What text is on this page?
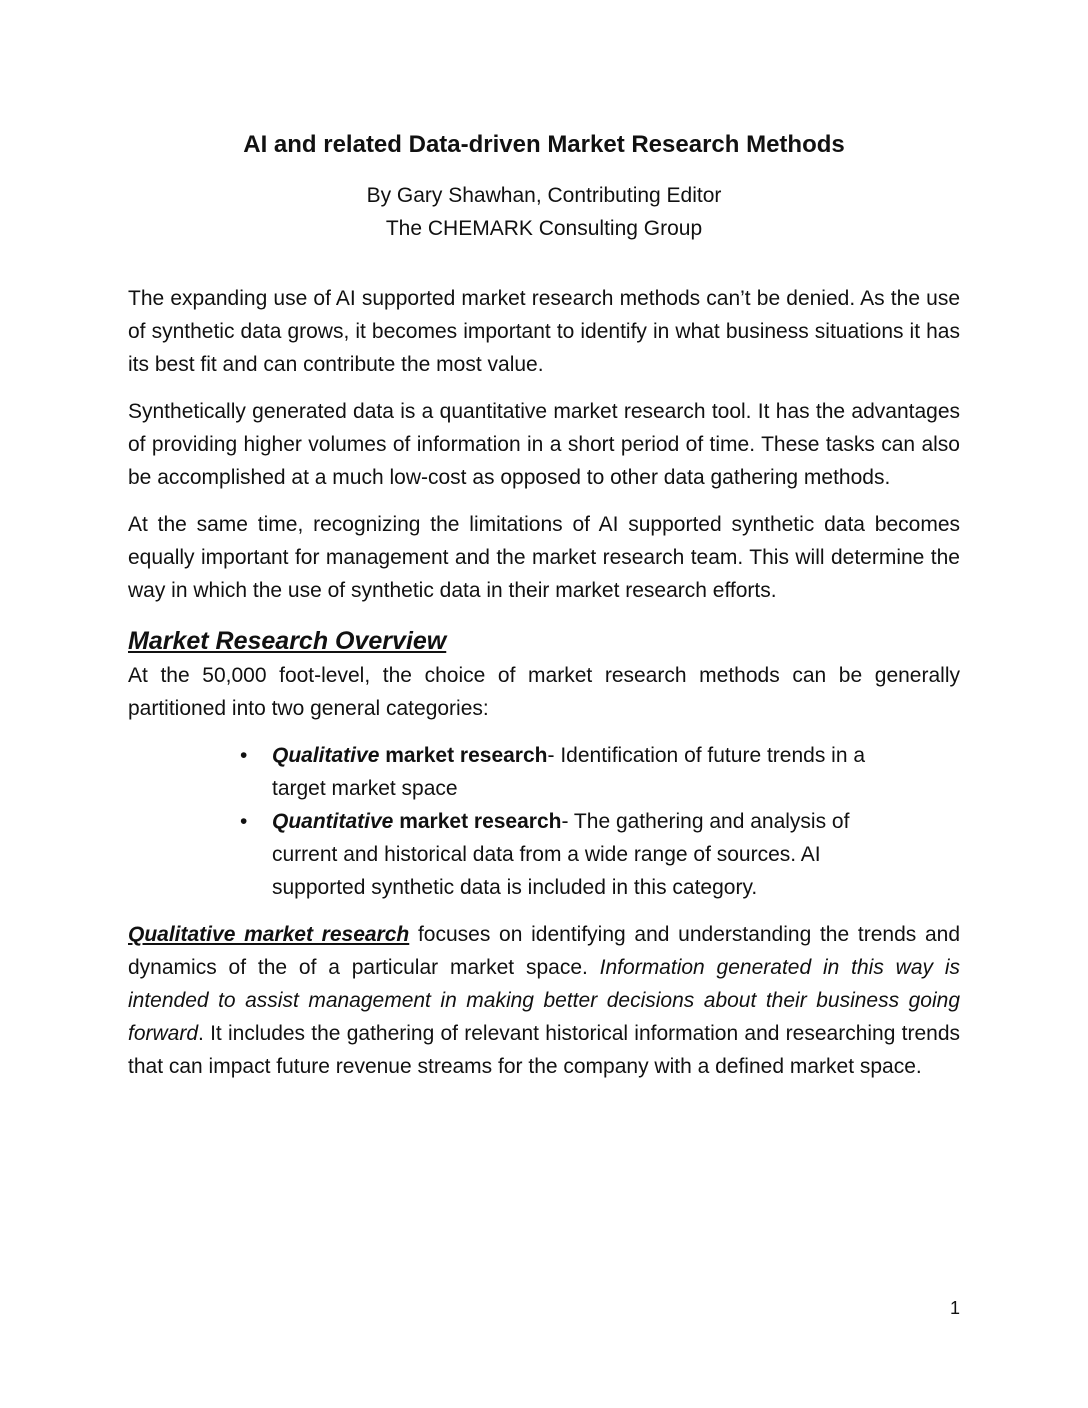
AI and related Data-driven Market Research Methods
By Gary Shawhan, Contributing Editor
The CHEMARK Consulting Group

The expanding use of AI supported market research methods can’t be denied. As the use of synthetic data grows, it becomes important to identify in what business situations it has its best fit and can contribute the most value.

Synthetically generated data is a quantitative market research tool. It has the advantages of providing higher volumes of information in a short period of time. These tasks can also be accomplished at a much low-cost as opposed to other data gathering methods.

At the same time, recognizing the limitations of AI supported synthetic data becomes equally important for management and the market research team. This will determine the way in which the use of synthetic data in their market research efforts.

Market Research Overview

At the 50,000 foot-level, the choice of market research methods can be generally partitioned into two general categories:

• Qualitative market research- Identification of future trends in a target market space
• Quantitative market research- The gathering and analysis of current and historical data from a wide range of sources. AI supported synthetic data is included in this category.

Qualitative market research focuses on identifying and understanding the trends and dynamics of the of a particular market space. Information generated in this way is intended to assist management in making better decisions about their business going forward. It includes the gathering of relevant historical information and researching trends that can impact future revenue streams for the company with a defined market space.

1
